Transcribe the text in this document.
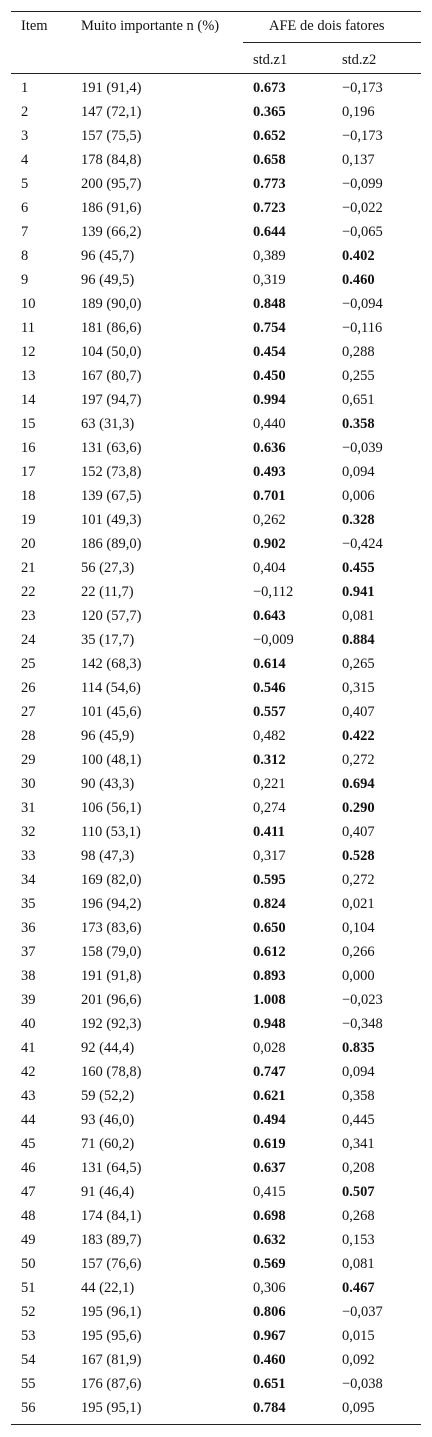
Item Muito importante n (%)	AFE de dois fatores
std.z1	std.z2
1	191 (91,4)	0.673	−0,173
2	147 (72,1)	0.365	0,196
3	157 (75,5)	0.652	−0,173
4	178 (84,8)	0.658	0,137
5	200 (95,7)	0.773	−0,099
6	186 (91,6)	0.723	−0,022
7	139 (66,2)	0.644	−0,065
8	96 (45,7)	0,389	0.402
9	96 (49,5)	0,319	0.460
10	189 (90,0)	0.848	−0,094
11	181 (86,6)	0.754	−0,116
12	104 (50,0)	0.454	0,288
13	167 (80,7)	0.450	0,255
14	197 (94,7)	0.994	0,651
15	63 (31,3)	0,440	0.358
16	131 (63,6)	0.636	−0,039
17	152 (73,8)	0.493	0,094
18	139 (67,5)	0.701	0,006
19	101 (49,3)	0,262	0.328
20	186 (89,0)	0.902	−0,424
21	56 (27,3)	0,404	0.455
22	22 (11,7)	−0,112	0.941
23	120 (57,7)	0.643	0,081
24	35 (17,7)	−0,009	0.884
25	142 (68,3)	0.614	0,265
26	114 (54,6)	0.546	0,315
27	101 (45,6)	0.557	0,407
28	96 (45,9)	0,482	0.422
29	100 (48,1)	0.312	0,272
30	90 (43,3)	0,221	0.694
31	106 (56,1)	0,274	0.290
32	110 (53,1)	0.411	0,407
33	98 (47,3)	0,317	0.528
34	169 (82,0)	0.595	0,272
35	196 (94,2)	0.824	0,021
36	173 (83,6)	0.650	0,104
37	158 (79,0)	0.612	0,266
38	191 (91,8)	0.893	0,000
39	201 (96,6)	1.008	−0,023
40	192 (92,3)	0.948	−0,348
41	92 (44,4)	0,028	0.835
42	160 (78,8)	0.747	0,094
43	59 (52,2)	0.621	0,358
44	93 (46,0)	0.494	0,445
45	71 (60,2)	0.619	0,341
46	131 (64,5)	0.637	0,208
47	91 (46,4)	0,415	0.507
48	174 (84,1)	0.698	0,268
49	183 (89,7)	0.632	0,153
50	157 (76,6)	0.569	0,081
51	44 (22,1)	0,306	0.467
52	195 (96,1)	0.806	−0,037
53	195 (95,6)	0.967	0,015
54	167 (81,9)	0.460	0,092
55	176 (87,6)	0.651	−0,038
56	195 (95,1)	0.784	0,095
